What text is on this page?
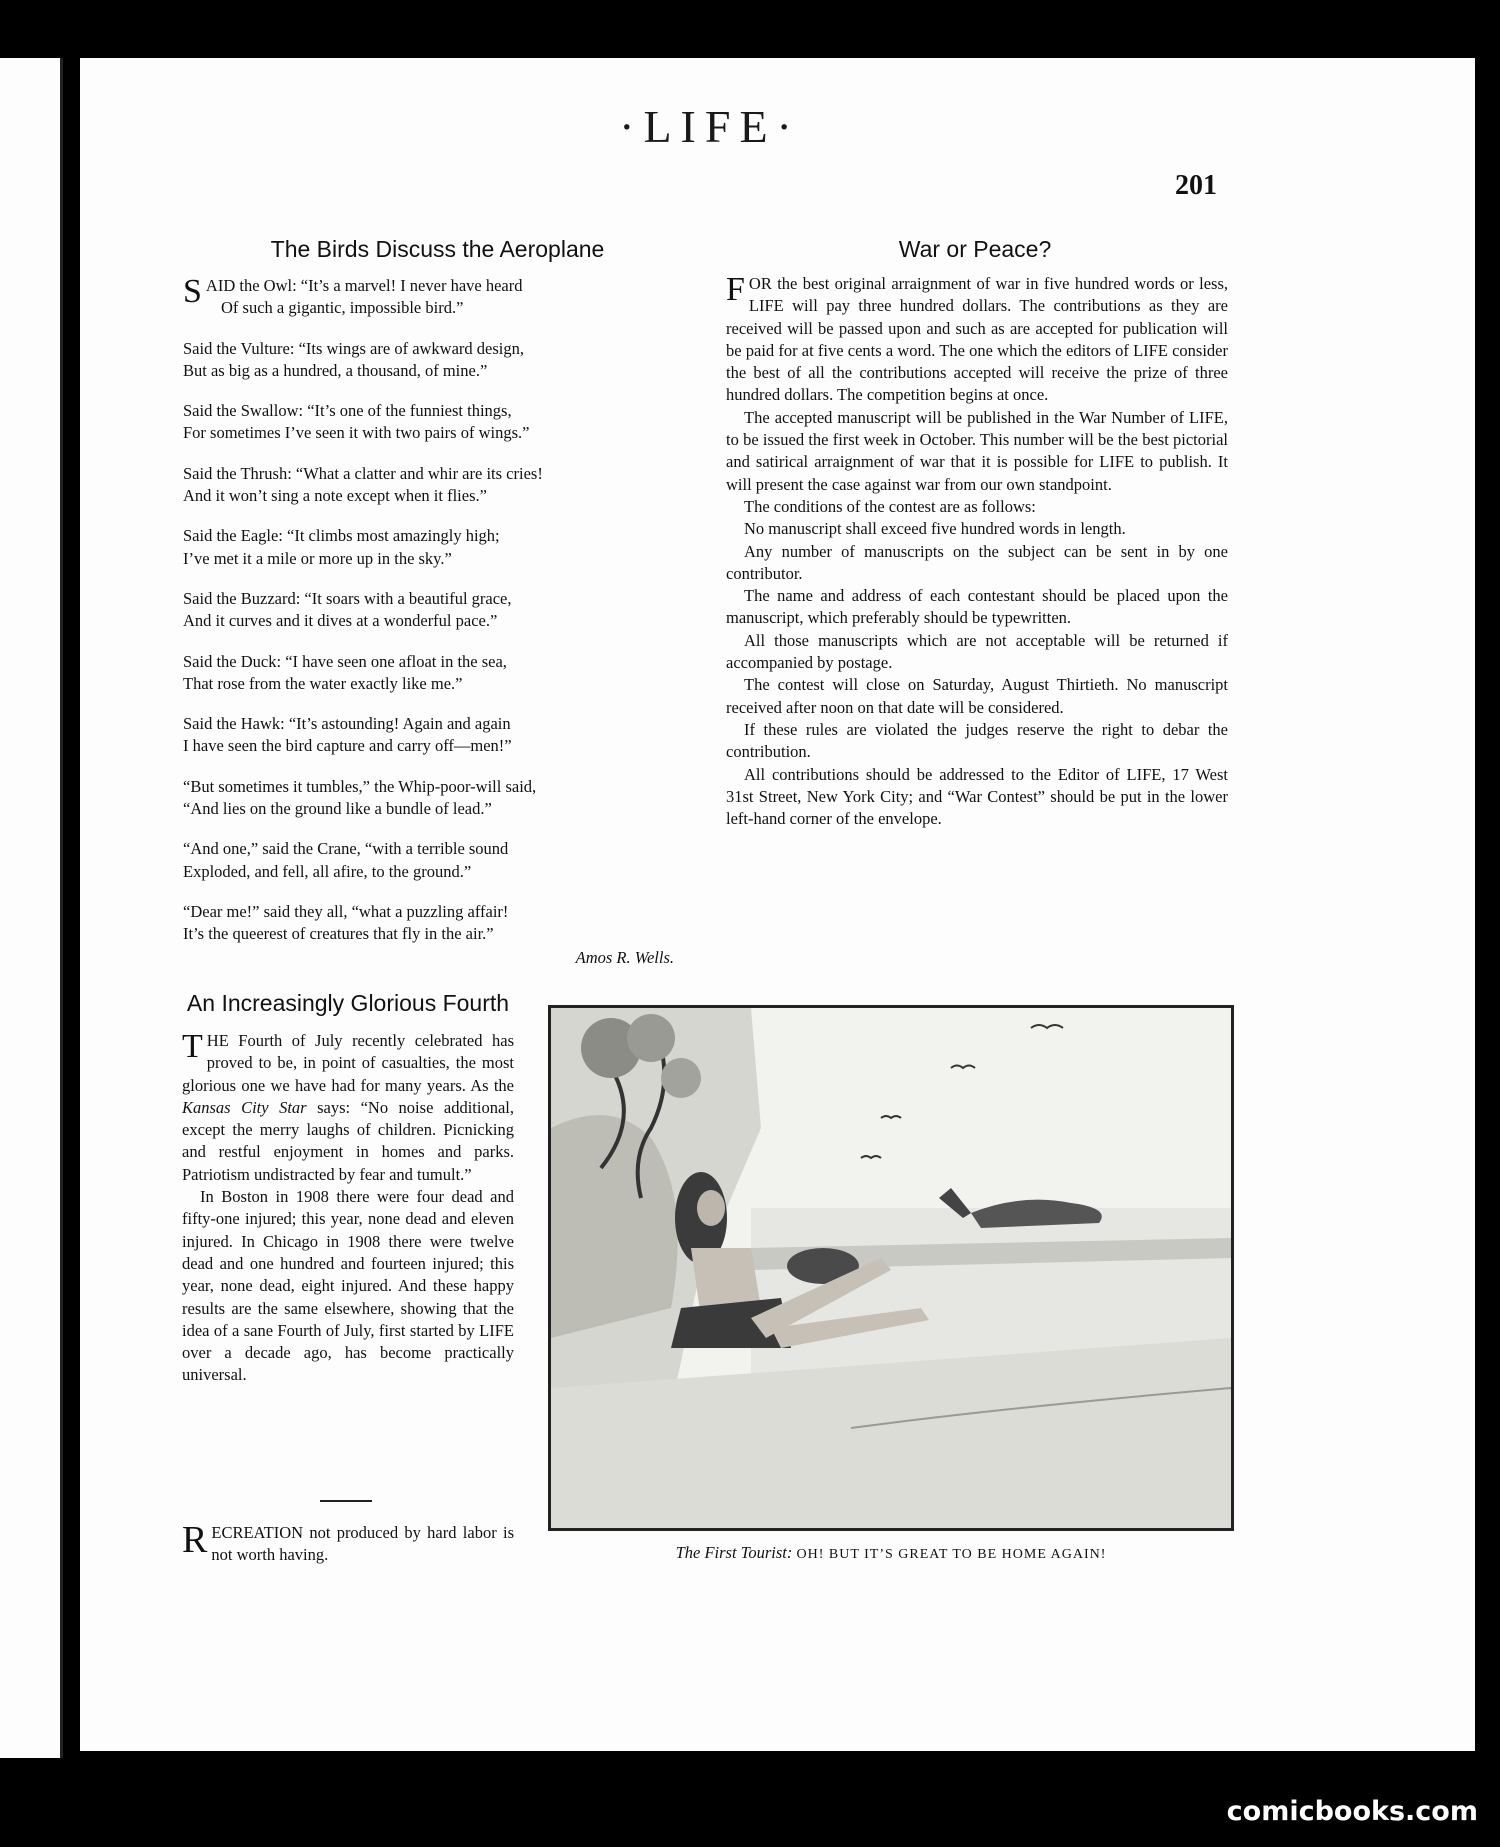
·LIFE·
201
The Birds Discuss the Aeroplane
S AID the Owl: “It’s a marvel! I never have heard
Of such a gigantic, impossible bird.”
Said the Vulture: “Its wings are of awkward design,
But as big as a hundred, a thousand, of mine.”
Said the Swallow: “It’s one of the funniest things,
For sometimes I’ve seen it with two pairs of wings.”
Said the Thrush: “What a clatter and whir are its cries!
And it won’t sing a note except when it flies.”
Said the Eagle: “It climbs most amazingly high;
I’ve met it a mile or more up in the sky.”
Said the Buzzard: “It soars with a beautiful grace,
And it curves and it dives at a wonderful pace.”
Said the Duck: “I have seen one afloat in the sea,
That rose from the water exactly like me.”
Said the Hawk: “It’s astounding! Again and again
I have seen the bird capture and carry off—men!”
“But sometimes it tumbles,” the Whip-poor-will said,
“And lies on the ground like a bundle of lead.”
“And one,” said the Crane, “with a terrible sound
Exploded, and fell, all afire, to the ground.”
“Dear me!” said they all, “what a puzzling affair!
It’s the queerest of creatures that fly in the air.”
Amos R. Wells.
War or Peace?
FOR the best original arraignment of war in five hundred words or less, LIFE will pay three hundred dollars. The contributions as they are received will be passed upon and such as are accepted for publication will be paid for at five cents a word. The one which the editors of LIFE consider the best of all the contributions accepted will receive the prize of three hundred dollars. The competition begins at once.
The accepted manuscript will be published in the War Number of LIFE, to be issued the first week in October. This number will be the best pictorial and satirical arraignment of war that it is possible for LIFE to publish. It will present the case against war from our own standpoint.
The conditions of the contest are as follows:
No manuscript shall exceed five hundred words in length.
Any number of manuscripts on the subject can be sent in by one contributor.
The name and address of each contestant should be placed upon the manuscript, which preferably should be typewritten.
All those manuscripts which are not acceptable will be returned if accompanied by postage.
The contest will close on Saturday, August Thirtieth. No manuscript received after noon on that date will be considered.
If these rules are violated the judges reserve the right to debar the contribution.
All contributions should be addressed to the Editor of LIFE, 17 West 31st Street, New York City; and “War Contest” should be put in the lower left-hand corner of the envelope.
An Increasingly Glorious Fourth
THE Fourth of July recently celebrated has proved to be, in point of casualties, the most glorious one we have had for many years. As the Kansas City Star says: “No noise additional, except the merry laughs of children. Picnicking and restful enjoyment in homes and parks. Patriotism undistracted by fear and tumult.”
In Boston in 1908 there were four dead and fifty-one injured; this year, none dead and eleven injured. In Chicago in 1908 there were twelve dead and one hundred and fourteen injured; this year, none dead, eight injured. And these happy results are the same elsewhere, showing that the idea of a sane Fourth of July, first started by LIFE over a decade ago, has become practically universal.
RECREATION not produced by hard labor is not worth having.	The First Tourist: OH! BUT IT’S GREAT TO BE HOME AGAIN!
comicbooks.com
